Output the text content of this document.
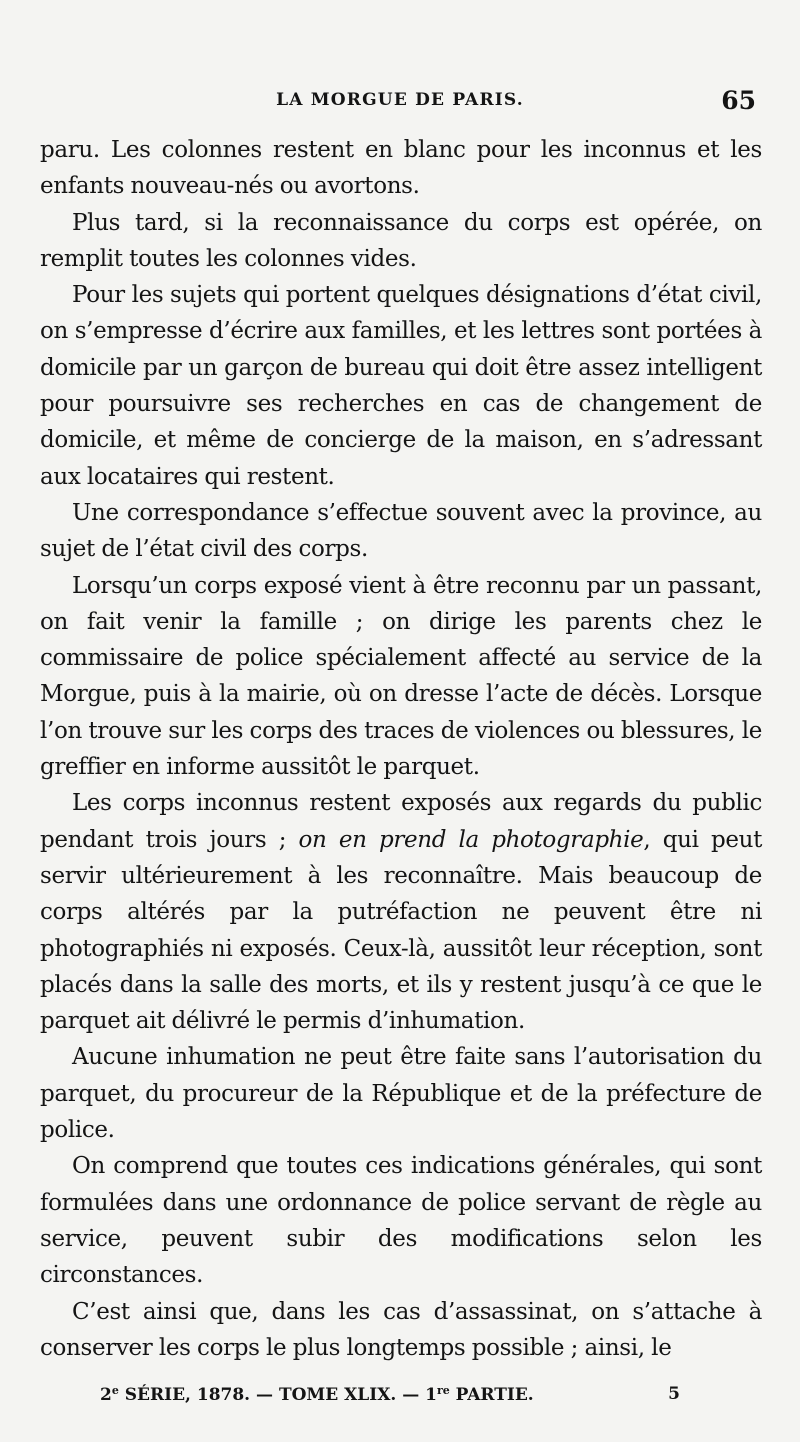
LA MORGUE DE PARIS.	65

paru. Les colonnes restent en blanc pour les inconnus et les enfants nouveau-nés ou avortons.

Plus tard, si la reconnaissance du corps est opérée, on remplit toutes les colonnes vides.

Pour les sujets qui portent quelques désignations d’état civil, on s’empresse d’écrire aux familles, et les lettres sont portées à domicile par un garçon de bureau qui doit être assez intelligent pour poursuivre ses recherches en cas de changement de domicile, et même de concierge de la maison, en s’adressant aux locataires qui restent.

Une correspondance s’effectue souvent avec la province, au sujet de l’état civil des corps.

Lorsqu’un corps exposé vient à être reconnu par un passant, on fait venir la famille ; on dirige les parents chez le commissaire de police spécialement affecté au service de la Morgue, puis à la mairie, où on dresse l’acte de décès. Lorsque l’on trouve sur les corps des traces de violences ou blessures, le greffier en informe aussitôt le parquet.

Les corps inconnus restent exposés aux regards du public pendant trois jours ; on en prend la photographie, qui peut servir ultérieurement à les reconnaître. Mais beaucoup de corps altérés par la putréfaction ne peuvent être ni photographiés ni exposés. Ceux-là, aussitôt leur réception, sont placés dans la salle des morts, et ils y restent jusqu’à ce que le parquet ait délivré le permis d’inhumation.

Aucune inhumation ne peut être faite sans l’autorisation du parquet, du procureur de la République et de la préfecture de police.

On comprend que toutes ces indications générales, qui sont formulées dans une ordonnance de police servant de règle au service, peuvent subir des modifications selon les circonstances.

C’est ainsi que, dans les cas d’assassinat, on s’attache à conserver les corps le plus longtemps possible ; ainsi, le

2e SÉRIE, 1878. — TOME XLIX. — 1re PARTIE.	5
